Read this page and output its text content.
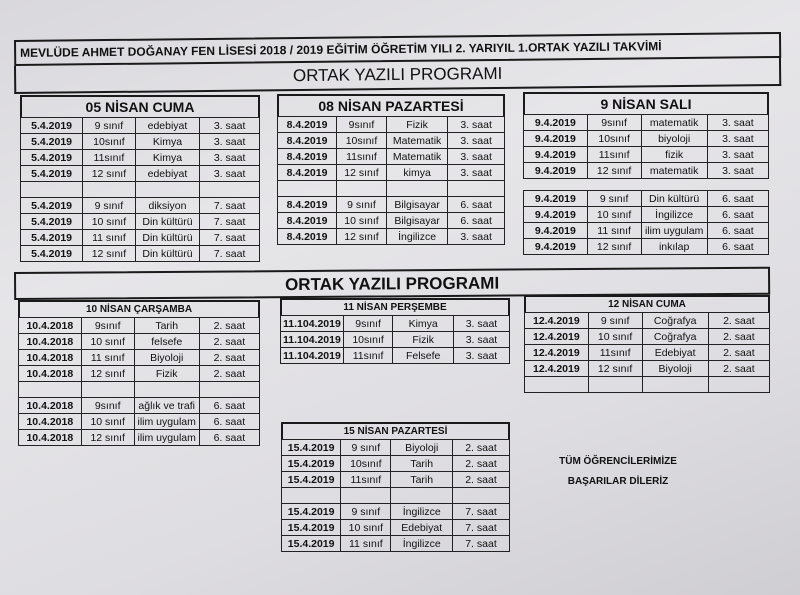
MEVLÜDE AHMET DOĞANAY FEN LİSESİ 2018 / 2019 EĞİTİM ÖĞRETİM YILI 2. YARIYIL 1.ORTAK YAZILI TAKVİMİ
ORTAK YAZILI PROGRAMI
05 NİSAN CUMA
5.4.2019	9 sınıf	edebiyat	3. saat
5.4.2019	10sınıf	Kimya	3. saat
5.4.2019	11sınıf	Kimya	3. saat
5.4.2019	12 sınıf	edebiyat	3. saat

5.4.2019	9 sınıf	diksiyon	7. saat
5.4.2019	10 sınıf	Din kültürü	7. saat
5.4.2019	11 sınıf	Din kültürü	7. saat
5.4.2019	12 sınıf	Din kültürü	7. saat
08 NİSAN PAZARTESİ
8.4.2019	9sınıf	Fizik	3. saat
8.4.2019	10sınıf	Matematik	3. saat
8.4.2019	11sınıf	Matematik	3. saat
8.4.2019	12 sınıf	kimya	3. saat

8.4.2019	9 sınıf	Bilgisayar	6. saat
8.4.2019	10 sınıf	Bilgisayar	6. saat
8.4.2019	12 sınıf	İngilizce	3. saat
9 NİSAN SALI
9.4.2019	9sınıf	matematik	3. saat
9.4.2019	10sınıf	biyoloji	3. saat
9.4.2019	11sınıf	fizik	3. saat
9.4.2019	12 sınıf	matematik	3. saat
9.4.2019	9 sınıf	Din kültürü	6. saat
9.4.2019	10 sınıf	İngilizce	6. saat
9.4.2019	11 sınıf	ilim uygulam	6. saat
9.4.2019	12 sınıf	inkılap	6. saat
ORTAK YAZILI PROGRAMI
10 NİSAN ÇARŞAMBA
10.4.2018	9sınıf	Tarih	2. saat
10.4.2018	10 sınıf	felsefe	2. saat
10.4.2018	11 sınıf	Biyoloji	2. saat
10.4.2018	12 sınıf	Fizik	2. saat

10.4.2018	9sınıf	ağlık ve trafi	6. saat
10.4.2018	10 sınıf	ilim uygulam	6. saat
10.4.2018	12 sınıf	ilim uygulam	6. saat
11 NİSAN PERŞEMBE
11.104.2019	9sınıf	Kimya	3. saat
11.104.2019	10sınıf	Fizik	3. saat
11.104.2019	11sınıf	Felsefe	3. saat
12 NİSAN CUMA
12.4.2019	9 sınıf	Coğrafya	2. saat
12.4.2019	10 sınıf	Coğrafya	2. saat
12.4.2019	11sınıf	Edebiyat	2. saat
12.4.2019	12 sınıf	Biyoloji	2. saat

15 NİSAN PAZARTESİ
15.4.2019	9 sınıf	Biyoloji	2. saat
15.4.2019	10sınıf	Tarih	2. saat
15.4.2019	11sınıf	Tarih	2. saat

15.4.2019	9 sınıf	İngilizce	7. saat
15.4.2019	10 sınıf	Edebiyat	7. saat
15.4.2019	11 sınıf	İngilizce	7. saat
TÜM ÖĞRENCİLERİMİZE
BAŞARILAR DİLERİZ
